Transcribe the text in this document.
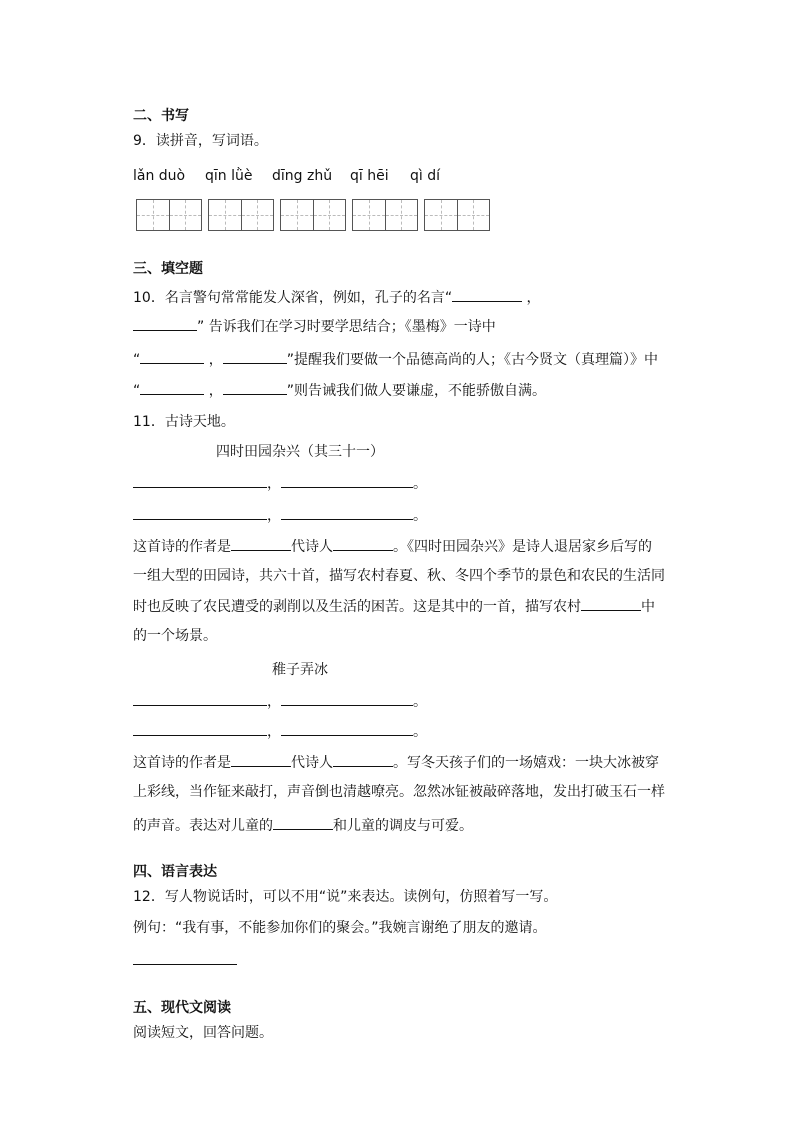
二、书写
9．读拼音，写词语。
lǎn duò qīn lǜè dīng zhǔ qī hēi qì dí
三、填空题
10．名言警句常常能发人深省，例如，孔子的名言“	，
” 告诉我们在学习时要学思结合；《墨梅》一诗中
“	，	”提醒我们要做一个品德高尚的人；《古今贤文（真理篇）》中
“	，	”则告诫我们做人要谦虚，不能骄傲自满。
11．古诗天地。
四时田园杂兴（其三十一）
，	。
，	。
这首诗的作者是	代诗人	。《四时田园杂兴》是诗人退居家乡后写的
一组大型的田园诗，共六十首，描写农村春夏、秋、冬四个季节的景色和农民的生活同
时也反映了农民遭受的剥削以及生活的困苦。这是其中的一首，描写农村	中
的一个场景。
稚子弄冰
，	。
，	。
这首诗的作者是	代诗人	。写冬天孩子们的一场嬉戏：一块大冰被穿
上彩线，当作钲来敲打，声音倒也清越嘹亮。忽然冰钲被敲碎落地，发出打破玉石一样
的声音。表达对儿童的	和儿童的调皮与可爱。
四、语言表达
12．写人物说话时，可以不用“说”来表达。读例句，仿照着写一写。
例句：“我有事，不能参加你们的聚会。”我婉言谢绝了朋友的邀请。
五、现代文阅读
阅读短文，回答问题。
